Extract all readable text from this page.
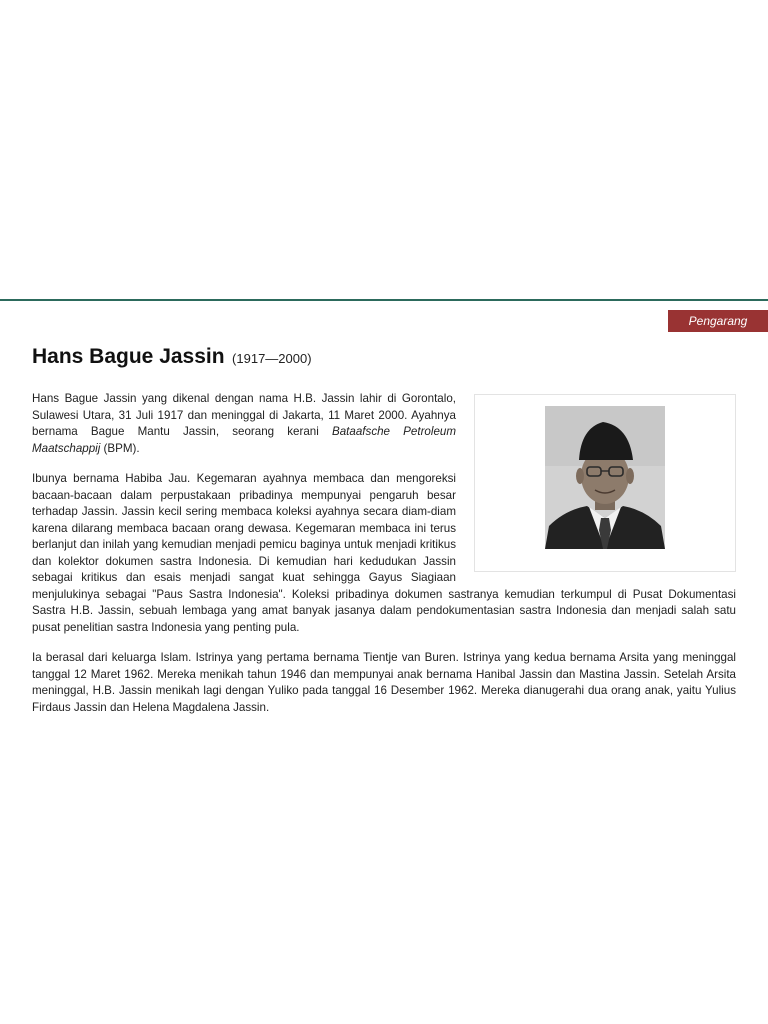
Pengarang
Hans Bague Jassin (1917—2000)

Hans Bague Jassin yang dikenal dengan nama H.B. Jassin lahir di Gorontalo, Sulawesi Utara, 31 Juli 1917 dan meninggal di Jakarta, 11 Maret 2000. Ayahnya bernama Bague Mantu Jassin, seorang kerani Bataafsche Petroleum Maatschappij (BPM).

Ibunya bernama Habiba Jau. Kegemaran ayahnya membaca dan mengoreksi bacaan-bacaan dalam perpustakaan pribadinya mempunyai pengaruh besar terhadap Jassin. Jassin kecil sering membaca koleksi ayahnya secara diam-diam karena dilarang membaca bacaan orang dewasa. Kegemaran membaca ini terus berlanjut dan inilah yang kemudian menjadi pemicu baginya untuk menjadi kritikus dan kolektor dokumen sastra Indonesia. Di kemudian hari kedudukan Jassin sebagai kritikus dan esais menjadi sangat kuat sehingga Gayus Siagiaan menjulukinya sebagai "Paus Sastra Indonesia". Koleksi pribadinya dokumen sastranya kemudian terkumpul di Pusat Dokumentasi Sastra H.B. Jassin, sebuah lembaga yang amat banyak jasanya dalam pendokumentasian sastra Indonesia dan menjadi salah satu pusat penelitian sastra Indonesia yang penting pula.

Ia berasal dari keluarga Islam. Istrinya yang pertama bernama Tientje van Buren. Istrinya yang kedua bernama Arsita yang meninggal tanggal 12 Maret 1962. Mereka menikah tahun 1946 dan mempunyai anak bernama Hanibal Jassin dan Mastina Jassin. Setelah Arsita meninggal, H.B. Jassin menikah lagi dengan Yuliko pada tanggal 16 Desember 1962. Mereka dianugerahi dua orang anak, yaitu Yulius Firdaus Jassin dan Helena Magdalena Jassin.
